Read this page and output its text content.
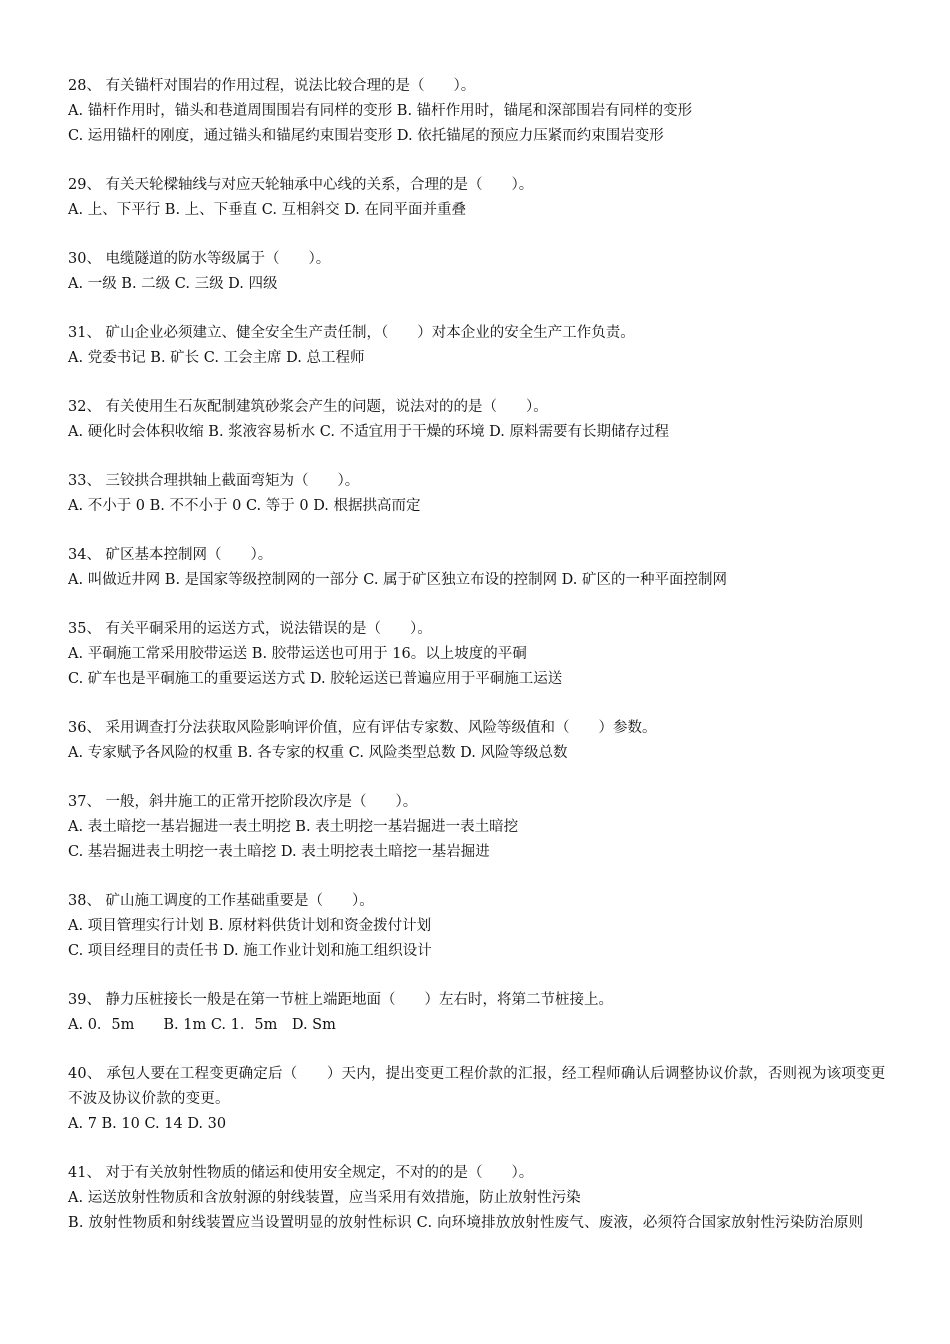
28、 有关锚杆对围岩的作用过程，说法比较合理的是（　　）。
A. 锚杆作用时，锚头和巷道周围围岩有同样的变形 B. 锚杆作用时，锚尾和深部围岩有同样的变形
C. 运用锚杆的刚度，通过锚头和锚尾约束围岩变形 D. 依托锚尾的预应力压紧而约束围岩变形
29、 有关天轮樑轴线与对应天轮轴承中心线的关系，合理的是（　　）。
A. 上、下平行 B. 上、下垂直 C. 互相斜交 D. 在同平面并重叠
30、 电缆隧道的防水等级属于（　　）。
A. 一级 B. 二级 C. 三级 D. 四级
31、 矿山企业必须建立、健全安全生产责任制，（　　）对本企业的安全生产工作负责。
A. 党委书记 B. 矿长 C. 工会主席 D. 总工程师
32、 有关使用生石灰配制建筑砂浆会产生的问题，说法对的的是（　　）。
A. 硬化时会体积收缩 B. 浆液容易析水 C. 不适宜用于干燥的环境 D. 原料需要有长期储存过程
33、 三铰拱合理拱轴上截面弯矩为（　　）。
A. 不小于 0 B. 不不小于 0 C. 等于 0 D. 根据拱高而定
34、 矿区基本控制网（　　）。
A. 叫做近井网 B. 是国家等级控制网的一部分 C. 属于矿区独立布设的控制网 D. 矿区的一种平面控制网
35、 有关平硐采用的运送方式，说法错误的是（　　）。
A. 平硐施工常采用胶带运送 B. 胶带运送也可用于 16。以上坡度的平硐
C. 矿车也是平硐施工的重要运送方式 D. 胶轮运送已普遍应用于平硐施工运送
36、 采用调查打分法获取风险影响评价值，应有评估专家数、风险等级值和（　　）参数。
A. 专家赋予各风险的权重 B. 各专家的权重 C. 风险类型总数 D. 风险等级总数
37、 一般，斜井施工的正常开挖阶段次序是（　　）。
A. 表土暗挖一基岩掘进一表土明挖 B. 表土明挖一基岩掘进一表土暗挖
C. 基岩掘进表土明挖一表土暗挖 D. 表土明挖表土暗挖一基岩掘进
38、 矿山施工调度的工作基础重要是（　　）。
A. 项目管理实行计划 B. 原材料供货计划和资金拨付计划
C. 项目经理目的责任书 D. 施工作业计划和施工组织设计
39、 静力压桩接长一般是在第一节桩上端距地面（　　）左右时，将第二节桩接上。
A. 0．5m　　B. 1m C. 1．5m　D. Sm
40、 承包人要在工程变更确定后（　　）天内，提出变更工程价款的汇报，经工程师确认后调整协议价款，否则视为该项变更不波及协议价款的变更。
A. 7 B. 10 C. 14 D. 30
41、 对于有关放射性物质的储运和使用安全规定，不对的的是（　　）。
A. 运送放射性物质和含放射源的射线装置，应当采用有效措施，防止放射性污染
B. 放射性物质和射线装置应当设置明显的放射性标识 C. 向环境排放放射性废气、废液，必须符合国家放射性污染防治原则
